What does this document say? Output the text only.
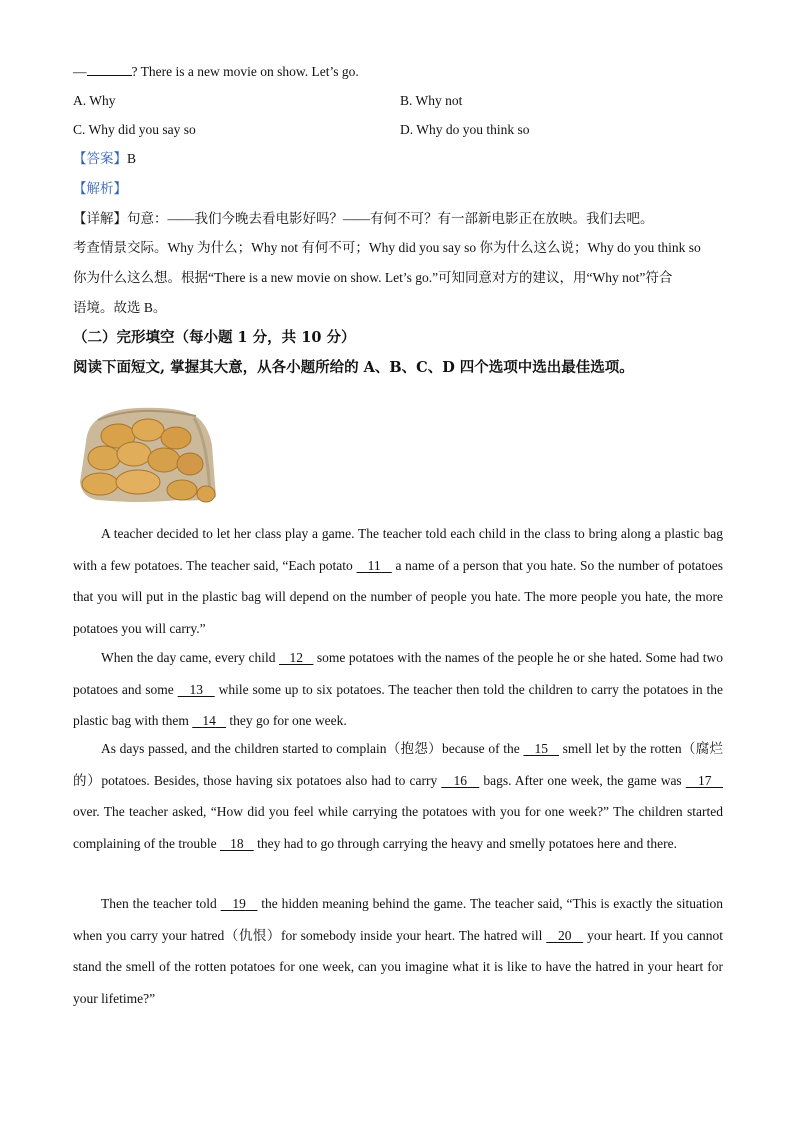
—	? There is a new movie on show. Let’s go.
A. Why	B. Why not
C. Why did you say so	D. Why do you think so
【答案】B
【解析】
【详解】句意：——我们今晚去看电影好吗？——有何不可？有一部新电影正在放映。我们去吧。
考查情景交际。Why 为什么；Why not 有何不可；Why did you say so 你为什么这么说；Why do you think so
你为什么这么想。根据“There is a new movie on show. Let’s go.”可知同意对方的建议，用“Why not”符合
语境。故选 B。
（二）完形填空（每小题 1 分，共 10 分）
阅读下面短文, 掌握其大意，从各小题所给的 A、B、C、D 四个选项中选出最佳选项。
A teacher decided to let her class play a game. The teacher told each child in the class to bring along a plastic bag with a few potatoes. The teacher said, “Each potato    11    a name of a person that you hate. So the number of potatoes that you will put in the plastic bag will depend on the number of people you hate. The more people you hate, the more potatoes you will carry.”
When the day came, every child    12    some potatoes with the names of the people he or she hated. Some had two potatoes and some    13    while some up to six potatoes. The teacher then told the children to carry the potatoes in the plastic bag with them    14    they go for one week.
As days passed, and the children started to complain（抱怨）because of the    15    smell let by the rotten（腐烂的）potatoes. Besides, those having six potatoes also had to carry    16    bags. After one week, the game was    17    over. The teacher asked, “How did you feel while carrying the potatoes with you for one week?” The children started complaining of the trouble    18    they had to go through carrying the heavy and smelly potatoes here and there.
Then the teacher told    19    the hidden meaning behind the game. The teacher said, “This is exactly the situation when you carry your hatred（仇恨）for somebody inside your heart. The hatred will    20    your heart. If you cannot stand the smell of the rotten potatoes for one week, can you imagine what it is like to have the hatred in your heart for your lifetime?”
